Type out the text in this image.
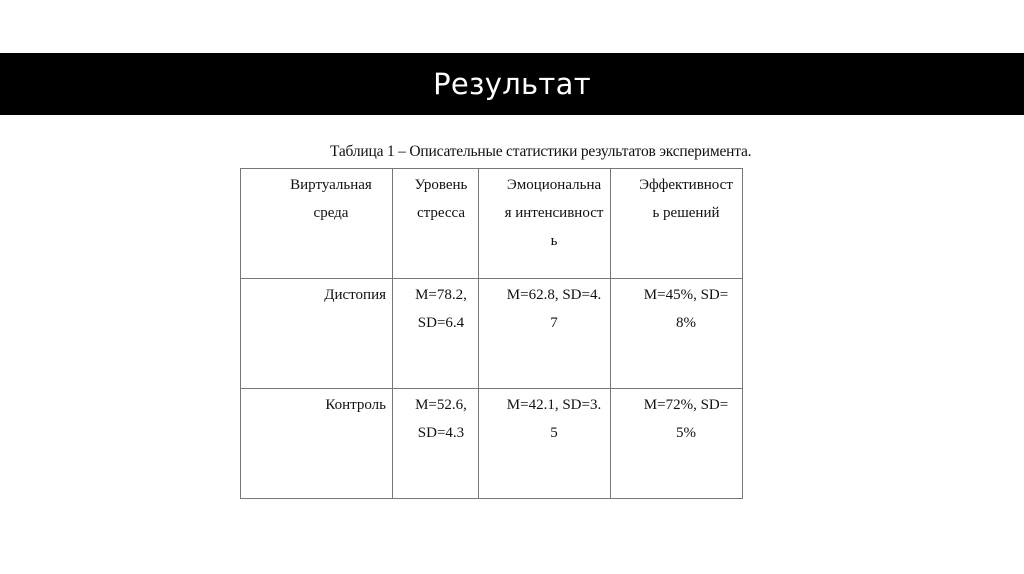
Результат
Таблица 1 – Описательные статистики результатов эксперимента.
Виртуальная среда	Уровень стресса	Эмоциональная интенсивность	Эффективность решений
Дистопия	M=78.2, SD=6.4	M=62.8, SD=4.7	M=45%, SD=8%
Контроль	M=52.6, SD=4.3	M=42.1, SD=3.5	M=72%, SD=5%
